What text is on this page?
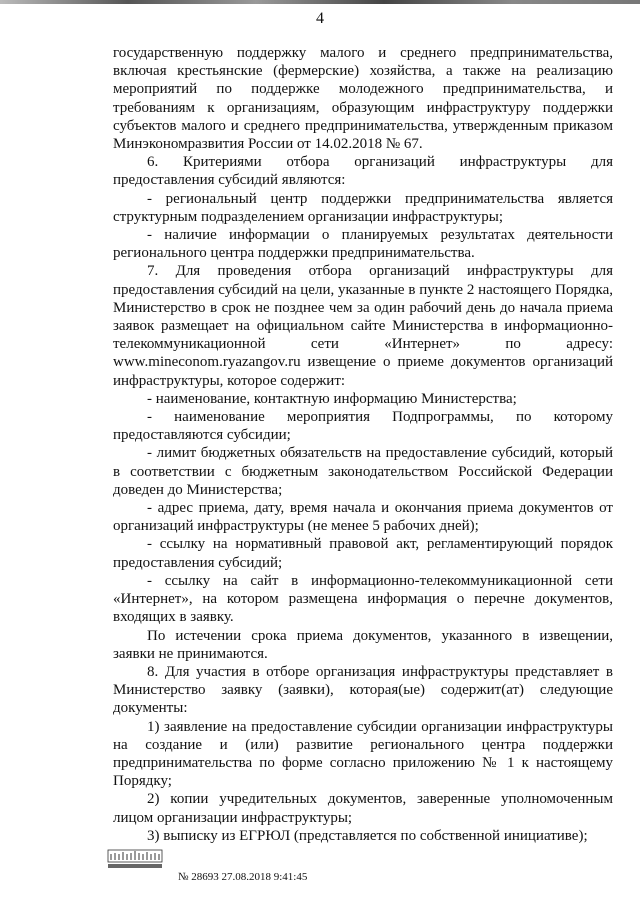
4

государственную поддержку малого и среднего предпринимательства, включая крестьянские (фермерские) хозяйства, а также на реализацию мероприятий по поддержке молодежного предпринимательства, и требованиям к организациям, образующим инфраструктуру поддержки субъектов малого и среднего предпринимательства, утвержденным приказом Минэкономразвития России от 14.02.2018 № 67.

6. Критериями отбора организаций инфраструктуры для предоставления субсидий являются:

- региональный центр поддержки предпринимательства является структурным подразделением организации инфраструктуры;

- наличие информации о планируемых результатах деятельности регионального центра поддержки предпринимательства.

7. Для проведения отбора организаций инфраструктуры для предоставления субсидий на цели, указанные в пункте 2 настоящего Порядка, Министерство в срок не позднее чем за один рабочий день до начала приема заявок размещает на официальном сайте Министерства в информационно-телекоммуникационной сети «Интернет» по адресу: www.mineconom.ryazangov.ru извещение о приеме документов организаций инфраструктуры, которое содержит:

- наименование, контактную информацию Министерства;

- наименование мероприятия Подпрограммы, по которому предоставляются субсидии;

- лимит бюджетных обязательств на предоставление субсидий, который в соответствии с бюджетным законодательством Российской Федерации доведен до Министерства;

- адрес приема, дату, время начала и окончания приема документов от организаций инфраструктуры (не менее 5 рабочих дней);

- ссылку на нормативный правовой акт, регламентирующий порядок предоставления субсидий;

- ссылку на сайт в информационно-телекоммуникационной сети «Интернет», на котором размещена информация о перечне документов, входящих в заявку.

По истечении срока приема документов, указанного в извещении, заявки не принимаются.

8. Для участия в отборе организация инфраструктуры представляет в Министерство заявку (заявки), которая(ые) содержит(ат) следующие документы:

1) заявление на предоставление субсидии организации инфраструктуры на создание и (или) развитие регионального центра поддержки предпринимательства по форме согласно приложению № 1 к настоящему Порядку;

2) копии учредительных документов, заверенные уполномоченным лицом организации инфраструктуры;

3) выписку из ЕГРЮЛ (представляется по собственной инициативе);

№ 28693 27.08.2018 9:41:45
